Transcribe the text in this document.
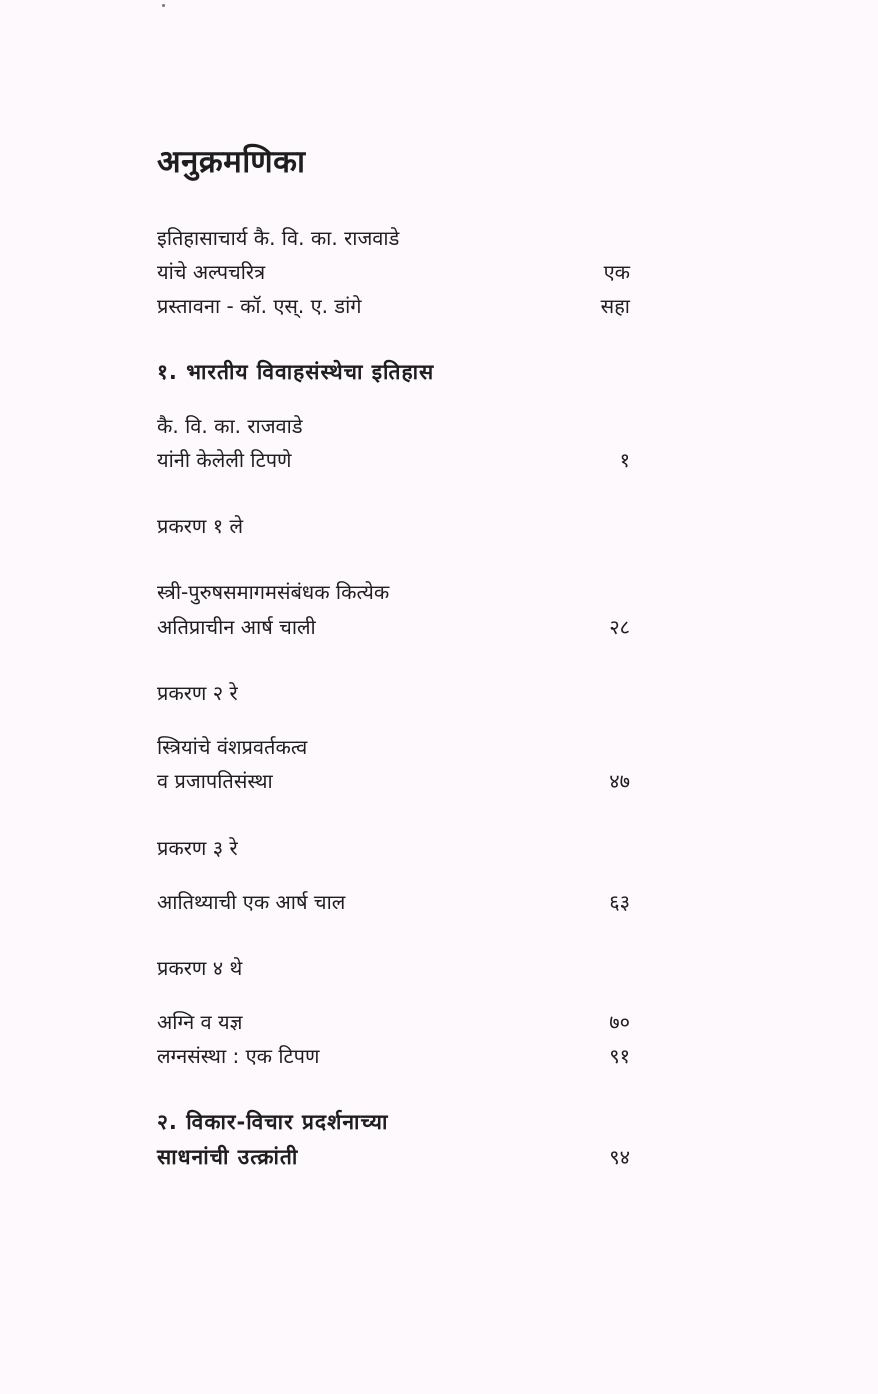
अनुक्रमणिका
इतिहासाचार्य कै. वि. का. राजवाडे
यांचे अल्पचरित्र	एक
प्रस्तावना - कॉ. एस्. ए. डांगे	सहा
१. भारतीय विवाहसंस्थेचा इतिहास
कै. वि. का. राजवाडे
यांनी केलेली टिपणे	१
प्रकरण १ ले
स्त्री-पुरुषसमागमसंबंधक कित्येक
अतिप्राचीन आर्ष चाली	२८
प्रकरण २ रे
स्त्रियांचे वंशप्रवर्तकत्व
व प्रजापतिसंस्था	४७
प्रकरण ३ रे
आतिथ्याची एक आर्ष चाल	६३
प्रकरण ४ थे
अग्नि व यज्ञ	७०
लग्नसंस्था : एक टिपण	९१
२. विकार-विचार प्रदर्शनाच्या
साधनांची उत्क्रांती	९४
